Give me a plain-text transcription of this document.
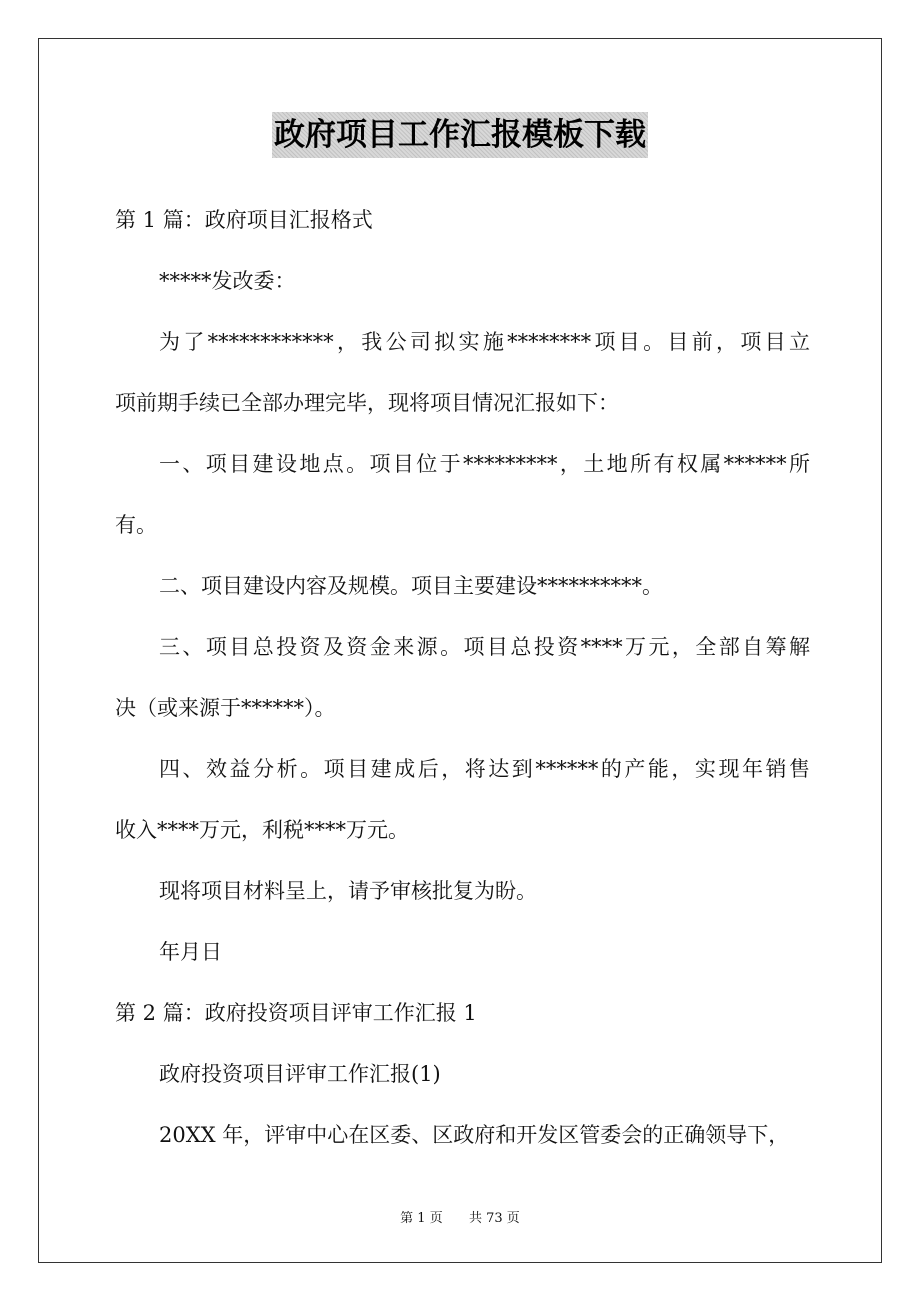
政府项目工作汇报模板下载

第 1 篇：政府项目汇报格式

*****发改委：

为了************，我公司拟实施********项目。目前，项目立

项前期手续已全部办理完毕，现将项目情况汇报如下：

一、项目建设地点。项目位于*********，土地所有权属******所

有。

二、项目建设内容及规模。项目主要建设**********。

三、项目总投资及资金来源。项目总投资****万元，全部自筹解

决（或来源于******）。

四、效益分析。项目建成后，将达到******的产能，实现年销售

收入****万元，利税****万元。

现将项目材料呈上，请予审核批复为盼。

年月日

第 2 篇：政府投资项目评审工作汇报 1

政府投资项目评审工作汇报(1)

20XX 年，评审中心在区委、区政府和开发区管委会的正确领导下，

第 1 页 共 73 页
